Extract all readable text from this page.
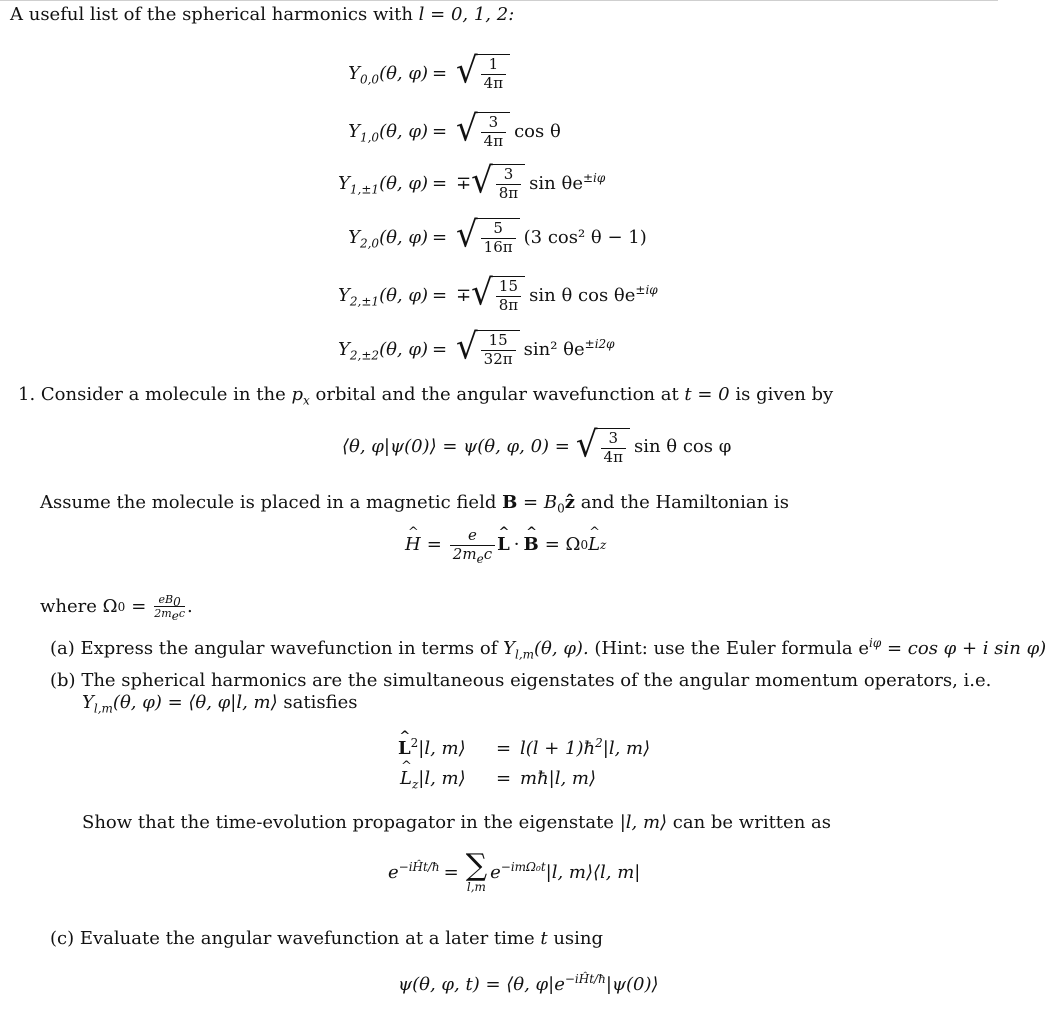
A useful list of the spherical harmonics with l = 0, 1, 2:
$Y_{0,0}(\theta$, φ) = √ $\frac{1}{4\pi}$
$Y_{1,0}(\theta$, φ) = √ $\frac{3}{4\pi}$ cos θ
$Y_{1,\pm 1}(\theta$, φ) = ∓ √ $\frac{3}{8\pi}$ $\sin \theta e^{\pm i\varphi}$
$Y_{2,0}(\theta$, φ) = √ $\frac{5}{16\pi} (3$ cos² θ − 1)
$Y_{2,\pm 1}(\theta$, φ) = ∓ √ $\frac{15}{8\pi}$ sin θ $\cos \theta e^{\pm i\varphi}$
$Y_{2,\pm 2}(\theta$, φ) = √ $\frac{15}{32\pi} \sin^2$ $\theta e^{\pm i2\varphi}$
1. Consider a molecule in the $p_x$ orbital and the angular wavefunction at t = 0 is given by
⟨θ, φ|ψ(0)⟩ = ψ(θ, φ, 0) = √ $\frac{3}{4\pi}$ sin θ cos φ
Assume the molecule is placed in a magnetic field $B = B_0ẑ$ and the Hamiltonian is
^ $H = \frac{e}{2m_ec}$ ^ L · ^ B = Ω 0 ^ L z
where Ω $0 = eB_0$
$2m_ec$ .
(a) Express the angular wavefunction in terms of $Y_{l,m}(\theta$, φ). (Hint: use the Euler formula $e^{i\varphi} = \cos \varphi + i$ sin φ)
(b) The spherical harmonics are the simultaneous eigenstates of the angular momentum operators, i.e.
$Y_{l,m}(\theta$, φ) = ⟨θ, φ|l, m⟩ satisfies
^ $L^2|l$, m⟩ = $l(l + 1)ħ^2|l$, m⟩
^ $L_z|l$, m⟩ = mħ|l, m⟩
Show that the time-evolution propagator in the eigenstate |l, m⟩ can be written as
$e^{-iĤt/ħ}$ = ∑
l,m
$e^{-im\Omega_0t}|l$, m⟩⟨l, m|
(c) Evaluate the angular wavefunction at a later time t using
ψ(θ, φ, t) = ⟨θ, $\varphi|e^{-iĤt/ħ}|\psi(0)⟩$
